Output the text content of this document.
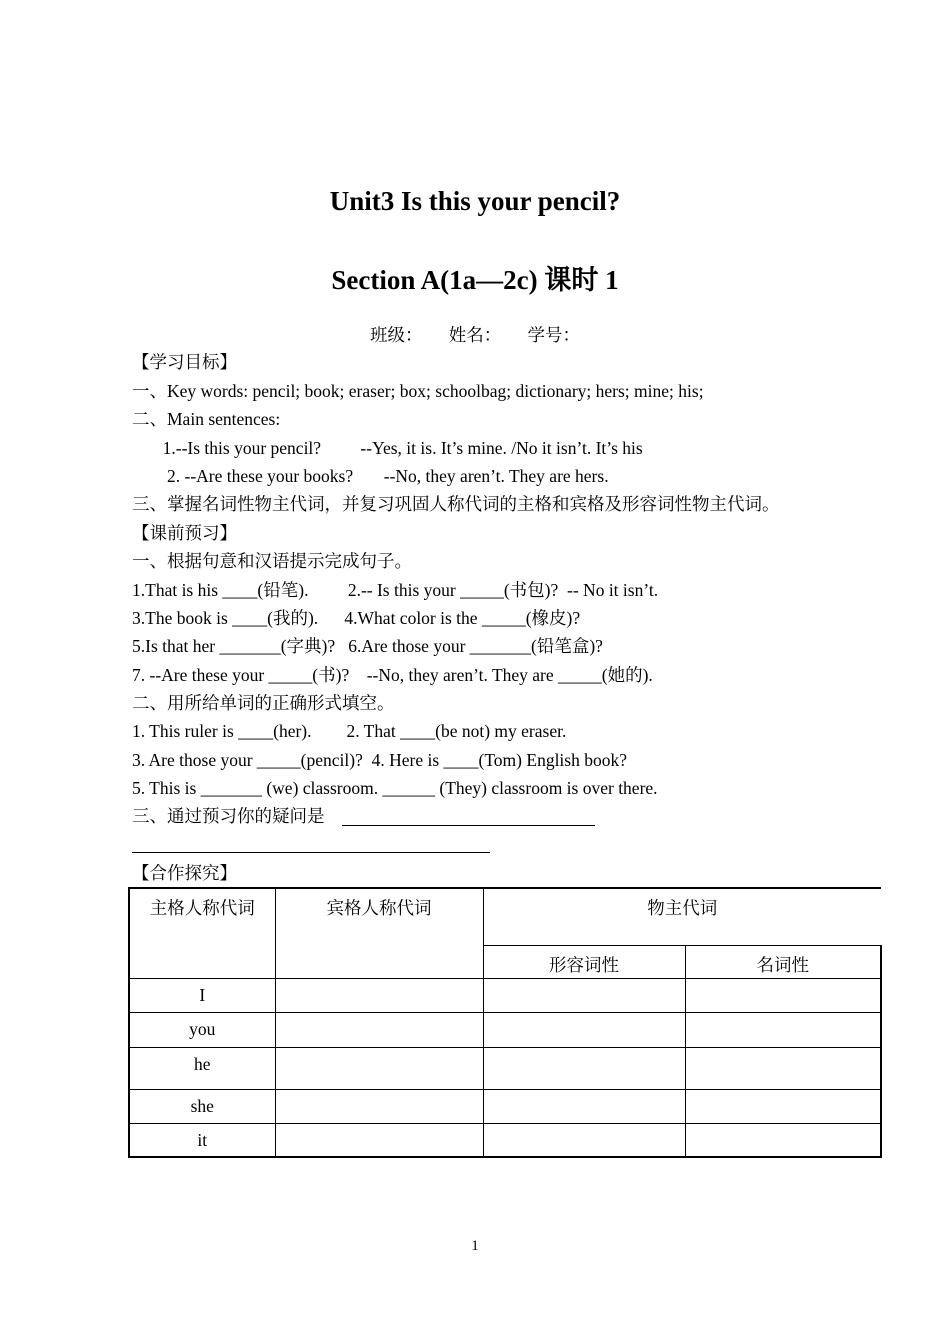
Unit3 Is this your pencil?
Section A(1a—2c) 课时 1
班级：      姓名：      学号：
【学习目标】
一、Key words: pencil; book; eraser; box; schoolbag; dictionary; hers; mine; his;
二、Main sentences:
1.--Is this your pencil?         --Yes, it is. It’s mine. /No it isn’t. It’s his
2. --Are these your books?       --No, they aren’t. They are hers.
三、掌握名词性物主代词，并复习巩固人称代词的主格和宾格及形容词性物主代词。
【课前预习】
一、根据句意和汉语提示完成句子。
1.That is his ____(铅笔).         2.-- Is this your _____(书包)?  -- No it isn’t.
3.The book is ____(我的).      4.What color is the _____(橡皮)?
5.Is that her _______(字典)?   6.Are those your _______(铅笔盒)?
7. --Are these your _____(书)?    --No, they aren’t. They are _____(她的).
二、用所给单词的正确形式填空。
1. This ruler is ____(her).        2. That ____(be not) my eraser.
3. Are those your _____(pencil)?  4. Here is ____(Tom) English book?
5. This is _______ (we) classroom. ______ (They) classroom is over there.
三、通过预习你的疑问是
【合作探究】
主格人称代词	宾格人称代词	物主代词	
		形容词性	名词性
I			
you			
he			
she			
it			
1
